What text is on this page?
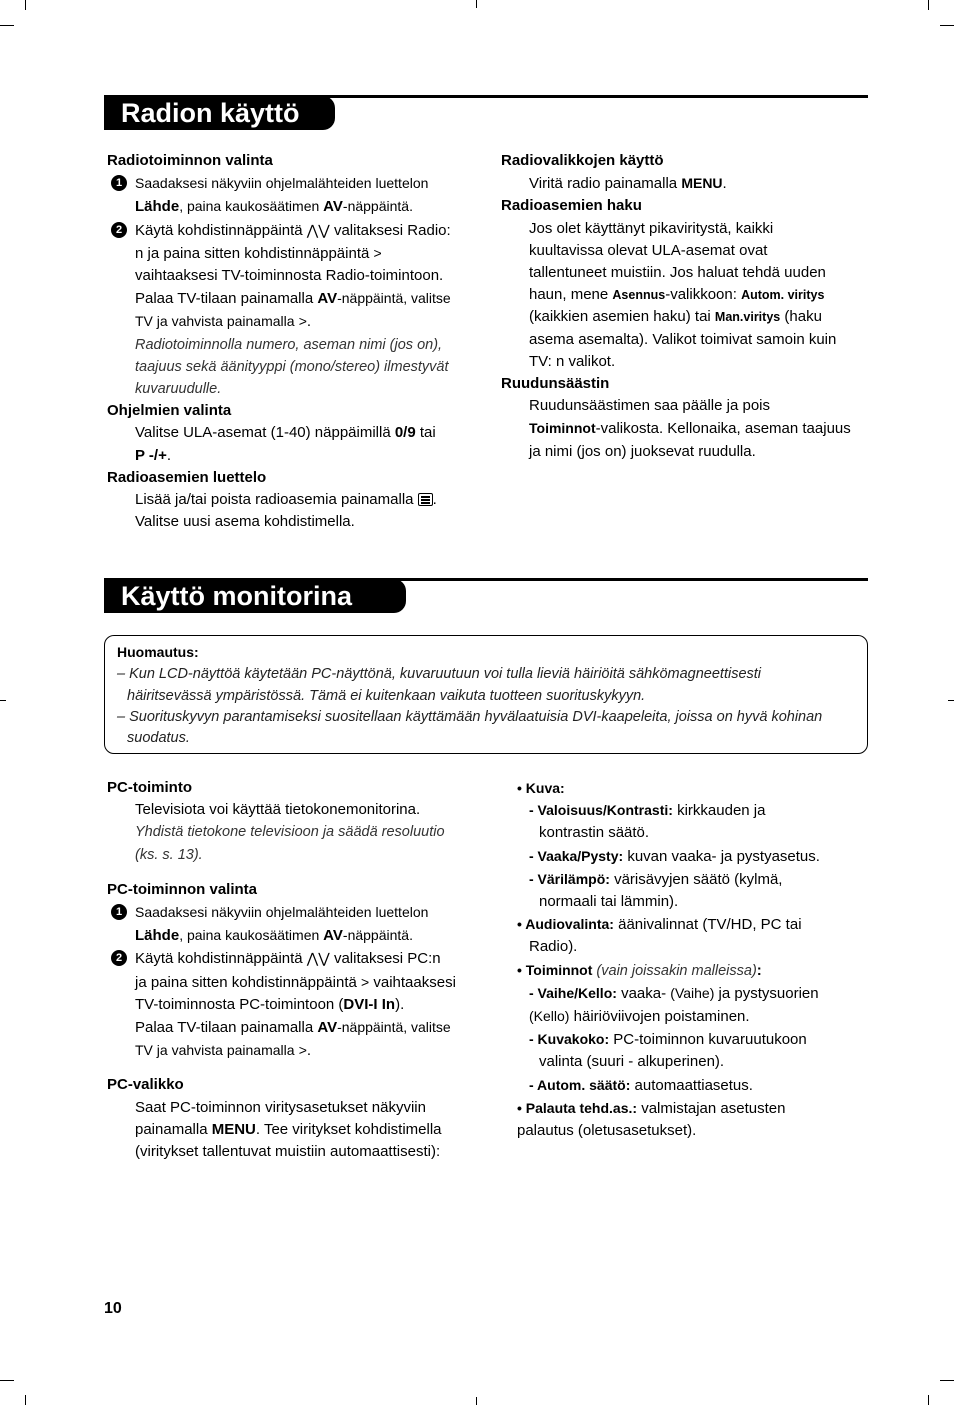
Radion käyttö
Radiotoiminnon valinta
1 Saadaksesi näkyviin ohjelmalähteiden luettelon
Lähde, paina kaukosäätimen AV-näppäintä.
2 Käytä kohdistinnäppäintä ⋀⋁ valitaksesi Radio:
n ja paina sitten kohdistinnäppäintä >
vaihtaaksesi TV-toiminnosta Radio-toimintoon.
Palaa TV-tilaan painamalla AV-näppäintä, valitse
TV ja vahvista painamalla >.
Radiotoiminnolla numero, aseman nimi (jos on),
taajuus sekä äänityyppi (mono/stereo) ilmestyvät
kuvaruudulle.
Ohjelmien valinta
Valitse ULA-asemat (1-40) näppäimillä 0/9 tai
P -/+.
Radioasemien luettelo
Lisää ja/tai poista radioasemia painamalla .
Valitse uusi asema kohdistimella.
Radiovalikkojen käyttö
Viritä radio painamalla MENU.
Radioasemien haku
Jos olet käyttänyt pikaviritystä, kaikki
kuultavissa olevat ULA-asemat ovat
tallentuneet muistiin. Jos haluat tehdä uuden
haun, mene Asennus-valikkoon: Autom. viritys
(kaikkien asemien haku) tai Man.viritys (haku
asema asemalta). Valikot toimivat samoin kuin
TV: n valikot.
Ruudunsäästin
Ruudunsäästimen saa päälle ja pois
Toiminnot-valikosta. Kellonaika, aseman taajuus
ja nimi (jos on) juoksevat ruudulla.
Käyttö monitorina
Huomautus:
– Kun LCD-näyttöä käytetään PC-näyttönä, kuvaruutuun voi tulla lieviä häiriöitä sähkömagneettisesti
häiritsevässä ympäristössä. Tämä ei kuitenkaan vaikuta tuotteen suorituskykyyn.
– Suorituskyvyn parantamiseksi suositellaan käyttämään hyvälaatuisia DVI-kaapeleita, joissa on hyvä kohinan
suodatus.
PC-toiminto
Televisiota voi käyttää tietokonemonitorina.
Yhdistä tietokone televisioon ja säädä resoluutio
(ks. s. 13).
PC-toiminnon valinta
1 Saadaksesi näkyviin ohjelmalähteiden luettelon
Lähde, paina kaukosäätimen AV-näppäintä.
2 Käytä kohdistinnäppäintä ⋀⋁ valitaksesi PC:n
ja paina sitten kohdistinnäppäintä > vaihtaaksesi
TV-toiminnosta PC-toimintoon (DVI-I In).
Palaa TV-tilaan painamalla AV-näppäintä, valitse
TV ja vahvista painamalla >.
PC-valikko
Saat PC-toiminnon viritysasetukset näkyviin
painamalla MENU. Tee viritykset kohdistimella
(viritykset tallentuvat muistiin automaattisesti):
• Kuva:
- Valoisuus/Kontrasti: kirkkauden ja
kontrastin säätö.
- Vaaka/Pysty: kuvan vaaka- ja pystyasetus.
- Värilämpö: värisävyjen säätö (kylmä,
normaali tai lämmin).
• Audiovalinta: äänivalinnat (TV/HD, PC tai
Radio).
• Toiminnot (vain joissakin malleissa):
- Vaihe/Kello: vaaka- (Vaihe) ja pystysuorien
(Kello) häiriöviivojen poistaminen.
- Kuvakoko: PC-toiminnon kuvaruutukoon
valinta (suuri - alkuperinen).
- Autom. säätö: automaattiasetus.
• Palauta tehd.as.: valmistajan asetusten
palautus (oletusasetukset).
10
